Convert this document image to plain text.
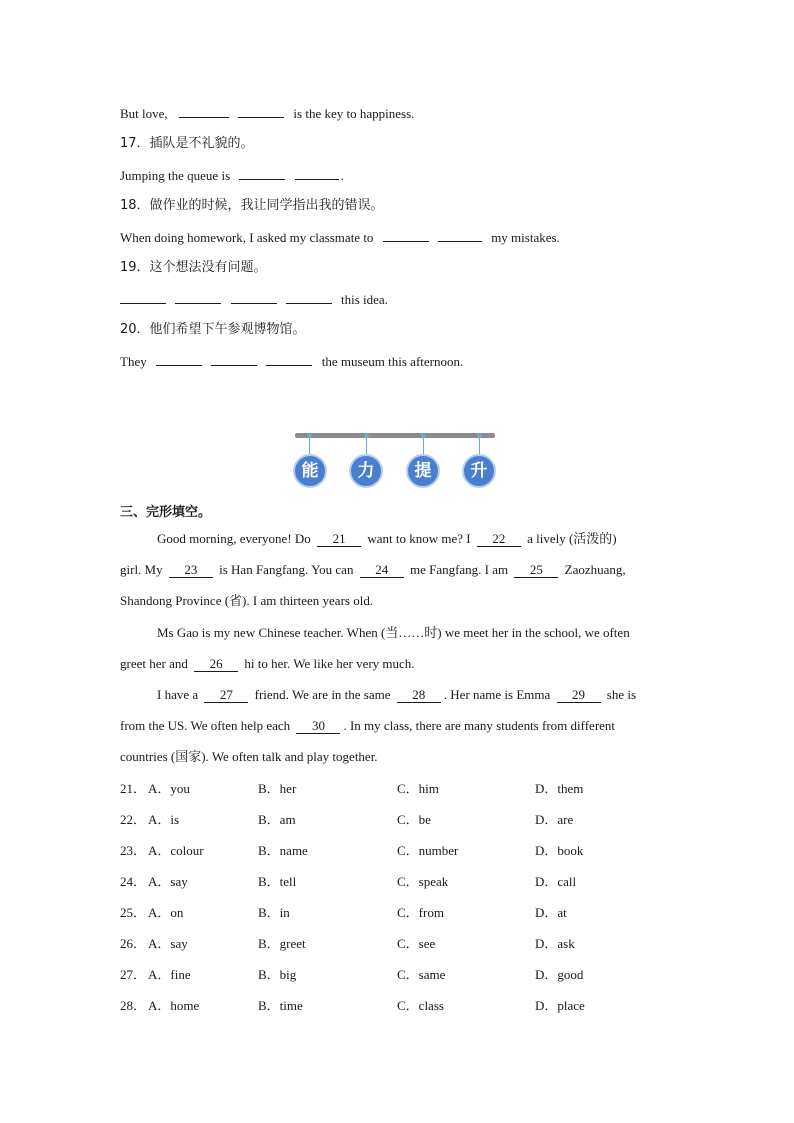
But love,	is the key to happiness.
17．插队是不礼貌的。
Jumping the queue is	.
18．做作业的时候，我让同学指出我的错误。
When doing homework, I asked my classmate to	my mistakes.
19．这个想法没有问题。
this idea.
20．他们希望下午参观博物馆。
They	the museum this afternoon.
能	力	提	升
三、完形填空。
Good morning, everyone! Do 21 want to know me? I 22 a lively (活泼的)
girl. My 23 is Han Fangfang. You can 24 me Fangfang. I am 25 Zaozhuang,
Shandong Province (省). I am thirteen years old.
Ms Gao is my new Chinese teacher. When (当……时) we meet her in the school, we often
greet her and 26 hi to her. We like her very much.
I have a 27 friend. We are in the same 28 . Her name is Emma 29 she is
from the US. We often help each 30 . In my class, there are many students from different
countries (国家). We often talk and play together.
21． A．you	B．her	C．him	D．them
22． A．is	B．am	C．be	D．are
23． A．colour	B．name	C．number	D．book
24． A．say	B．tell	C．speak	D．call
25． A．on	B．in	C．from	D．at
26． A．say	B．greet	C．see	D．ask
27． A．fine	B．big	C．same	D．good
28． A．home	B．time	C．class	D．place
